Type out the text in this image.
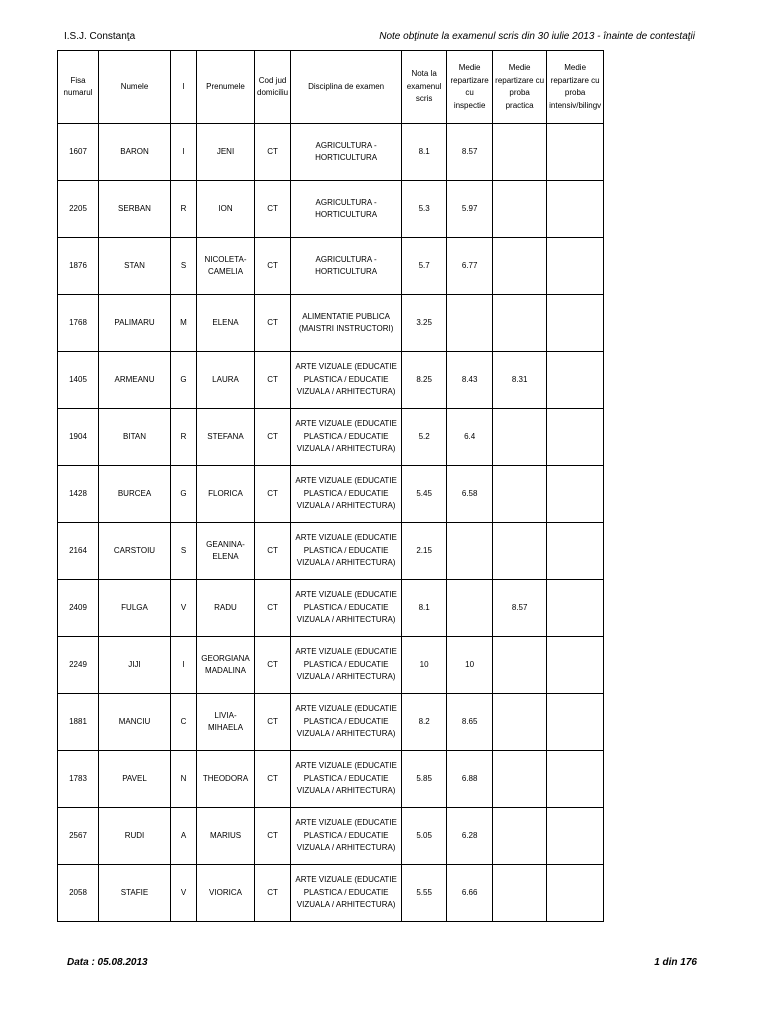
I.S.J. Constanţa	Note obţinute la examenul scris din 30 iulie 2013 - înainte de contestaţii
Fisa numarul	Numele	I	Prenumele	Cod jud domiciliu	Disciplina de examen	Nota la examenul scris	Medie repartizare cu inspectie	Medie repartizare cu proba practica	Medie repartizare cu proba intensiv/bilingv
1607	BARON	I	JENI	CT	AGRICULTURA - HORTICULTURA	8.1	8.57		
2205	SERBAN	R	ION	CT	AGRICULTURA - HORTICULTURA	5.3	5.97		
1876	STAN	S	NICOLETA-CAMELIA	CT	AGRICULTURA - HORTICULTURA	5.7	6.77		
1768	PALIMARU	M	ELENA	CT	ALIMENTATIE PUBLICA (MAISTRI INSTRUCTORI)	3.25			
1405	ARMEANU	G	LAURA	CT	ARTE VIZUALE (EDUCATIE PLASTICA / EDUCATIE VIZUALA / ARHITECTURA)	8.25	8.43	8.31	
1904	BITAN	R	STEFANA	CT	ARTE VIZUALE (EDUCATIE PLASTICA / EDUCATIE VIZUALA / ARHITECTURA)	5.2	6.4		
1428	BURCEA	G	FLORICA	CT	ARTE VIZUALE (EDUCATIE PLASTICA / EDUCATIE VIZUALA / ARHITECTURA)	5.45	6.58		
2164	CARSTOIU	S	GEANINA-ELENA	CT	ARTE VIZUALE (EDUCATIE PLASTICA / EDUCATIE VIZUALA / ARHITECTURA)	2.15			
2409	FULGA	V	RADU	CT	ARTE VIZUALE (EDUCATIE PLASTICA / EDUCATIE VIZUALA / ARHITECTURA)	8.1		8.57	
2249	JIJI	I	GEORGIANA MADALINA	CT	ARTE VIZUALE (EDUCATIE PLASTICA / EDUCATIE VIZUALA / ARHITECTURA)	10	10		
1881	MANCIU	C	LIVIA-MIHAELA	CT	ARTE VIZUALE (EDUCATIE PLASTICA / EDUCATIE VIZUALA / ARHITECTURA)	8.2	8.65		
1783	PAVEL	N	THEODORA	CT	ARTE VIZUALE (EDUCATIE PLASTICA / EDUCATIE VIZUALA / ARHITECTURA)	5.85	6.88		
2567	RUDI	A	MARIUS	CT	ARTE VIZUALE (EDUCATIE PLASTICA / EDUCATIE VIZUALA / ARHITECTURA)	5.05	6.28		
2058	STAFIE	V	VIORICA	CT	ARTE VIZUALE (EDUCATIE PLASTICA / EDUCATIE VIZUALA / ARHITECTURA)	5.55	6.66		
Data : 05.08.2013	1 din 176
